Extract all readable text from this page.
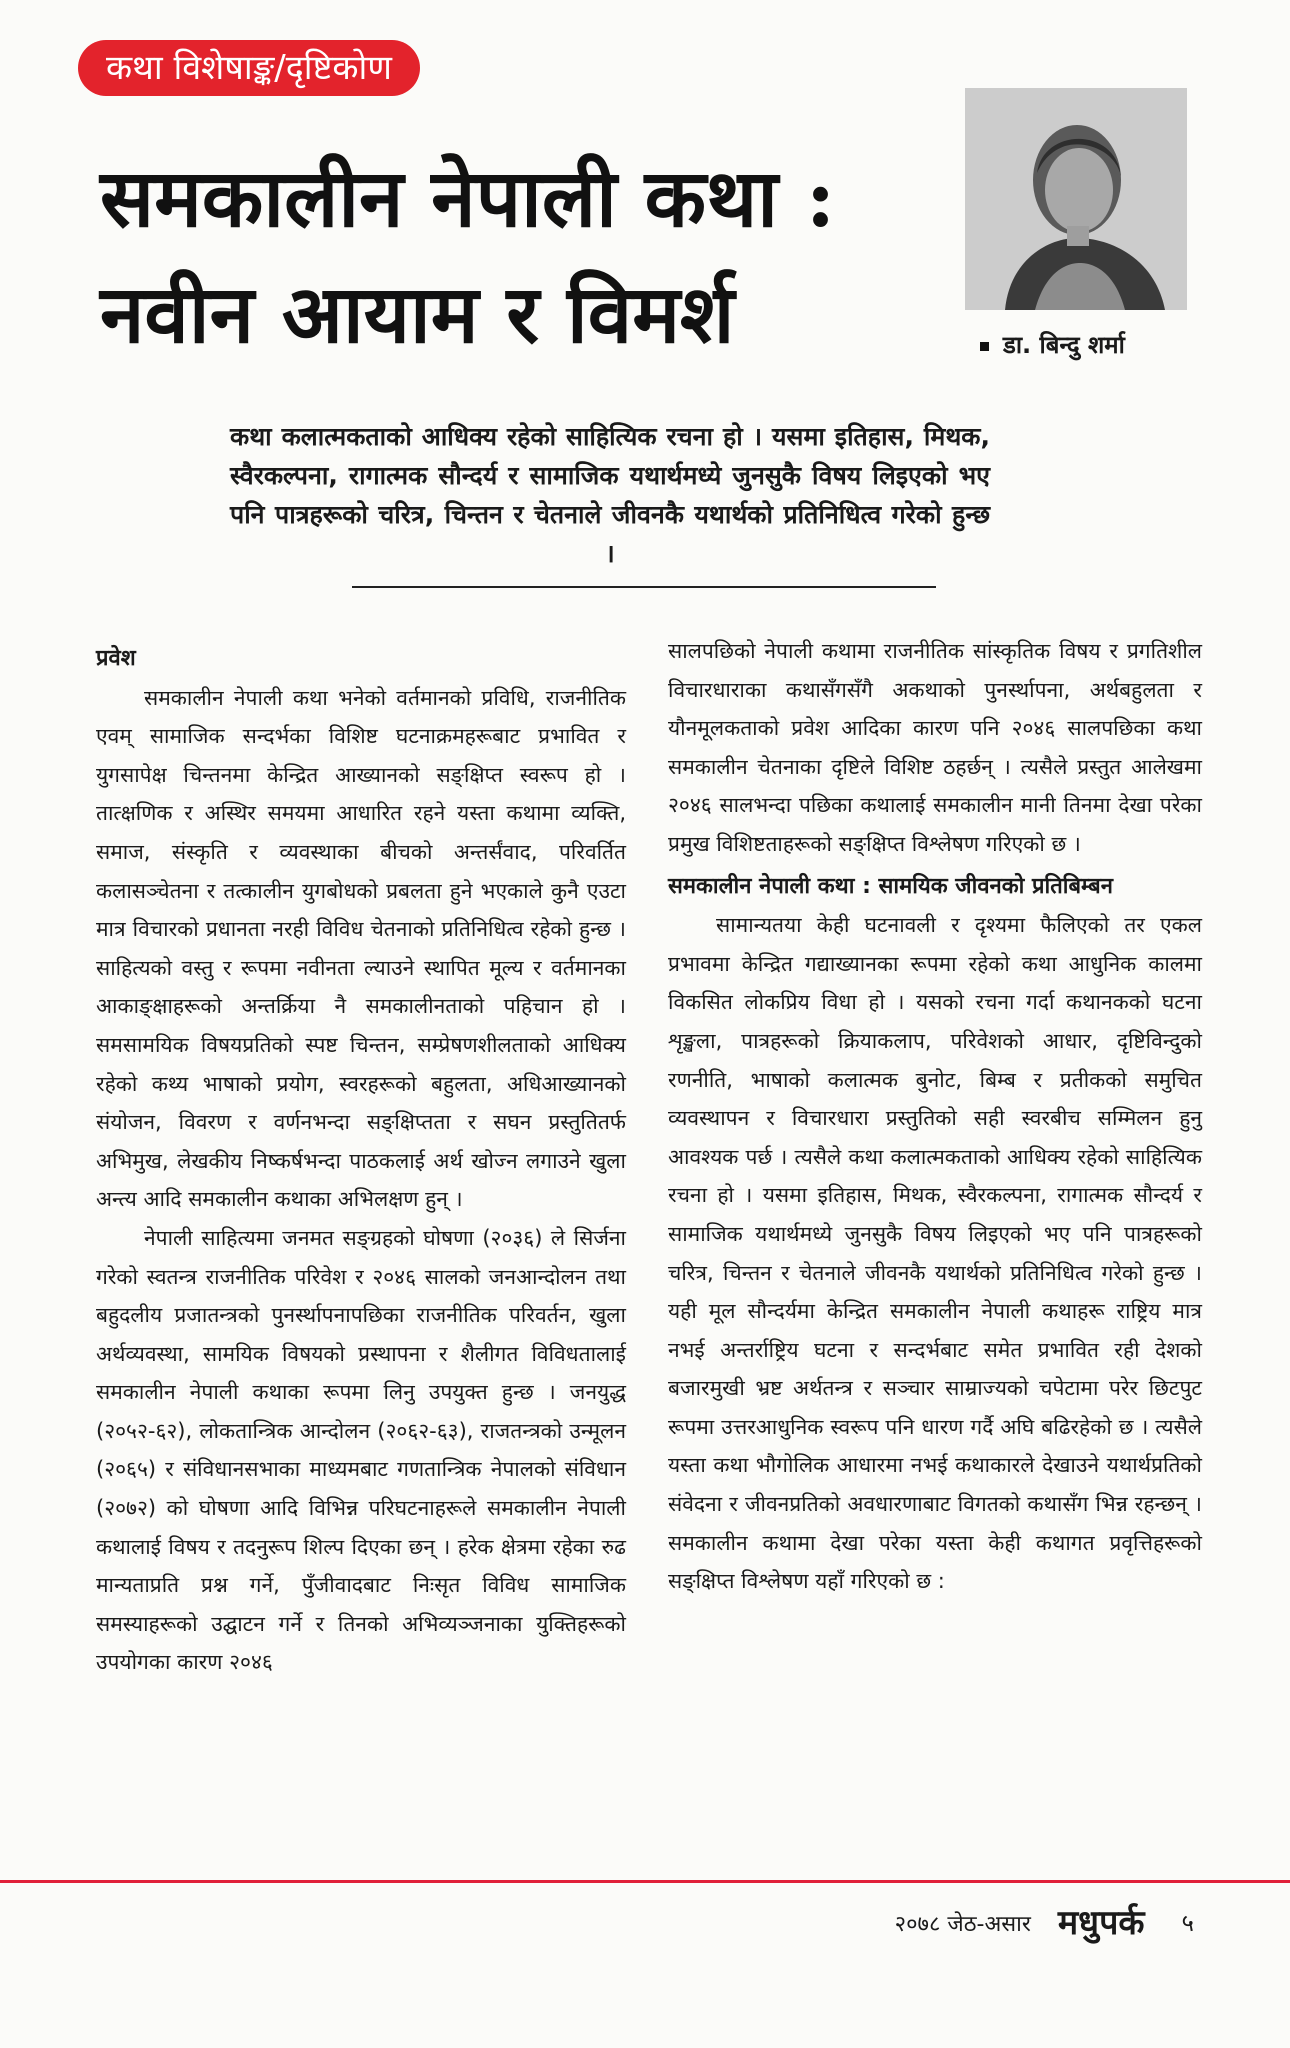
कथा विशेषाङ्क/दृष्टिकोण
समकालीन नेपाली कथा :
नवीन आयाम र विमर्श	डा. बिन्दु शर्मा

कथा कलात्मकताको आधिक्य रहेको साहित्यिक रचना हो । यसमा इतिहास, मिथक, स्वैरकल्पना, रागात्मक सौन्दर्य र सामाजिक यथार्थमध्ये जुनसुकै विषय लिइएको भए पनि पात्रहरूको चरित्र, चिन्तन र चेतनाले जीवनकै यथार्थको प्रतिनिधित्व गरेको हुन्छ ।

प्रवेश

समकालीन नेपाली कथा भनेको वर्तमानको प्रविधि, राजनीतिक एवम् सामाजिक सन्दर्भका विशिष्ट घटनाक्रमहरूबाट प्रभावित र युगसापेक्ष चिन्तनमा केन्द्रित आख्यानको सङ्क्षिप्त स्वरूप हो । तात्क्षणिक र अस्थिर समयमा आधारित रहने यस्ता कथामा व्यक्ति, समाज, संस्कृति र व्यवस्थाका बीचको अन्तर्संवाद, परिवर्तित कलासञ्चेतना र तत्कालीन युगबोधको प्रबलता हुने भएकाले कुनै एउटा मात्र विचारको प्रधानता नरही विविध चेतनाको प्रतिनिधित्व रहेको हुन्छ । साहित्यको वस्तु र रूपमा नवीनता ल्याउने स्थापित मूल्य र वर्तमानका आकाङ्क्षाहरूको अन्तर्क्रिया नै समकालीनताको पहिचान हो । समसामयिक विषयप्रतिको स्पष्ट चिन्तन, सम्प्रेषणशीलताको आधिक्य रहेको कथ्य भाषाको प्रयोग, स्वरहरूको बहुलता, अधिआख्यानको संयोजन, विवरण र वर्णनभन्दा सङ्क्षिप्तता र सघन प्रस्तुतितर्फ अभिमुख, लेखकीय निष्कर्षभन्दा पाठकलाई अर्थ खोज्न लगाउने खुला अन्त्य आदि समकालीन कथाका अभिलक्षण हुन् ।

नेपाली साहित्यमा जनमत सङ्ग्रहको घोषणा (२०३६) ले सिर्जना गरेको स्वतन्त्र राजनीतिक परिवेश र २०४६ सालको जनआन्दोलन तथा बहुदलीय प्रजातन्त्रको पुनर्स्थापनापछिका राजनीतिक परिवर्तन, खुला अर्थव्यवस्था, सामयिक विषयको प्रस्थापना र शैलीगत विविधतालाई समकालीन नेपाली कथाका रूपमा लिनु उपयुक्त हुन्छ । जनयुद्ध (२०५२-६२), लोकतान्त्रिक आन्दोलन (२०६२-६३), राजतन्त्रको उन्मूलन (२०६५) र संविधानसभाका माध्यमबाट गणतान्त्रिक नेपालको संविधान (२०७२) को घोषणा आदि विभिन्न परिघटनाहरूले समकालीन नेपाली कथालाई विषय र तदनुरूप शिल्प दिएका छन् । हरेक क्षेत्रमा रहेका रुढ मान्यताप्रति प्रश्न गर्ने, पुँजीवादबाट निःसृत विविध सामाजिक समस्याहरूको उद्घाटन गर्ने र तिनको अभिव्यञ्जनाका युक्तिहरूको उपयोगका कारण २०४६

सालपछिको नेपाली कथामा राजनीतिक सांस्कृतिक विषय र प्रगतिशील विचारधाराका कथासँगसँगै अकथाको पुनर्स्थापना, अर्थबहुलता र यौनमूलकताको प्रवेश आदिका कारण पनि २०४६ सालपछिका कथा समकालीन चेतनाका दृष्टिले विशिष्ट ठहर्छन् । त्यसैले प्रस्तुत आलेखमा २०४६ सालभन्दा पछिका कथालाई समकालीन मानी तिनमा देखा परेका प्रमुख विशिष्टताहरूको सङ्क्षिप्त विश्लेषण गरिएको छ ।

समकालीन नेपाली कथा : सामयिक जीवनको प्रतिबिम्बन

सामान्यतया केही घटनावली र दृश्यमा फैलिएको तर एकल प्रभावमा केन्द्रित गद्याख्यानका रूपमा रहेको कथा आधुनिक कालमा विकसित लोकप्रिय विधा हो । यसको रचना गर्दा कथानकको घटना शृङ्खला, पात्रहरूको क्रियाकलाप, परिवेशको आधार, दृष्टिविन्दुको रणनीति, भाषाको कलात्मक बुनोट, बिम्ब र प्रतीकको समुचित व्यवस्थापन र विचारधारा प्रस्तुतिको सही स्वरबीच सम्मिलन हुनु आवश्यक पर्छ । त्यसैले कथा कलात्मकताको आधिक्य रहेको साहित्यिक रचना हो । यसमा इतिहास, मिथक, स्वैरकल्पना, रागात्मक सौन्दर्य र सामाजिक यथार्थमध्ये जुनसुकै विषय लिइएको भए पनि पात्रहरूको चरित्र, चिन्तन र चेतनाले जीवनकै यथार्थको प्रतिनिधित्व गरेको हुन्छ । यही मूल सौन्दर्यमा केन्द्रित समकालीन नेपाली कथाहरू राष्ट्रिय मात्र नभई अन्तर्राष्ट्रिय घटना र सन्दर्भबाट समेत प्रभावित रही देशको बजारमुखी भ्रष्ट अर्थतन्त्र र सञ्चार साम्राज्यको चपेटामा परेर छिटपुट रूपमा उत्तरआधुनिक स्वरूप पनि धारण गर्दै अघि बढिरहेको छ । त्यसैले यस्ता कथा भौगोलिक आधारमा नभई कथाकारले देखाउने यथार्थप्रतिको संवेदना र जीवनप्रतिको अवधारणाबाट विगतको कथासँग भिन्न रहन्छन् । समकालीन कथामा देखा परेका यस्ता केही कथागत प्रवृत्तिहरूको सङ्क्षिप्त विश्लेषण यहाँ गरिएको छ :

२०७८ जेठ-असार मधुपर्क ५
